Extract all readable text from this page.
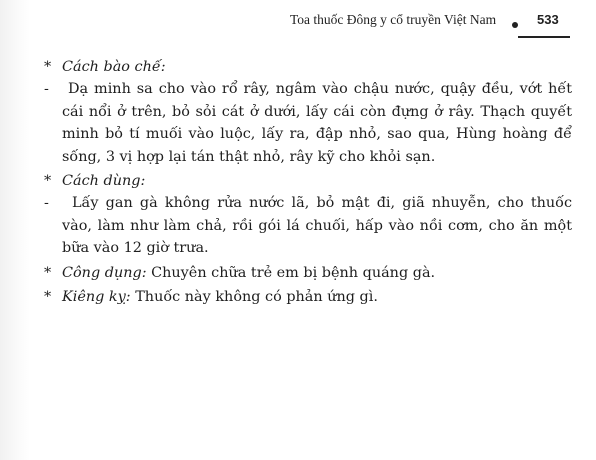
Toa thuốc Đông y cổ truyền Việt Nam	533
* Cách bào chế:
-	Dạ minh sa cho vào rổ rây, ngâm vào chậu nước, quậy đều, vớt hết cái nổi ở trên, bỏ sỏi cát ở dưới, lấy cái còn đựng ở rây. Thạch quyết minh bỏ tí muối vào luộc, lấy ra, đập nhỏ, sao qua, Hùng hoàng để sống, 3 vị hợp lại tán thật nhỏ, rây kỹ cho khỏi sạn.
* Cách dùng:
-	Lấy gan gà không rửa nước lã, bỏ mật đi, giã nhuyễn, cho thuốc vào, làm như làm chả, rồi gói lá chuối, hấp vào nồi cơm, cho ăn một bữa vào 12 giờ trưa.
* Công dụng: Chuyên chữa trẻ em bị bệnh quáng gà.
* Kiêng kỵ: Thuốc này không có phản ứng gì.
